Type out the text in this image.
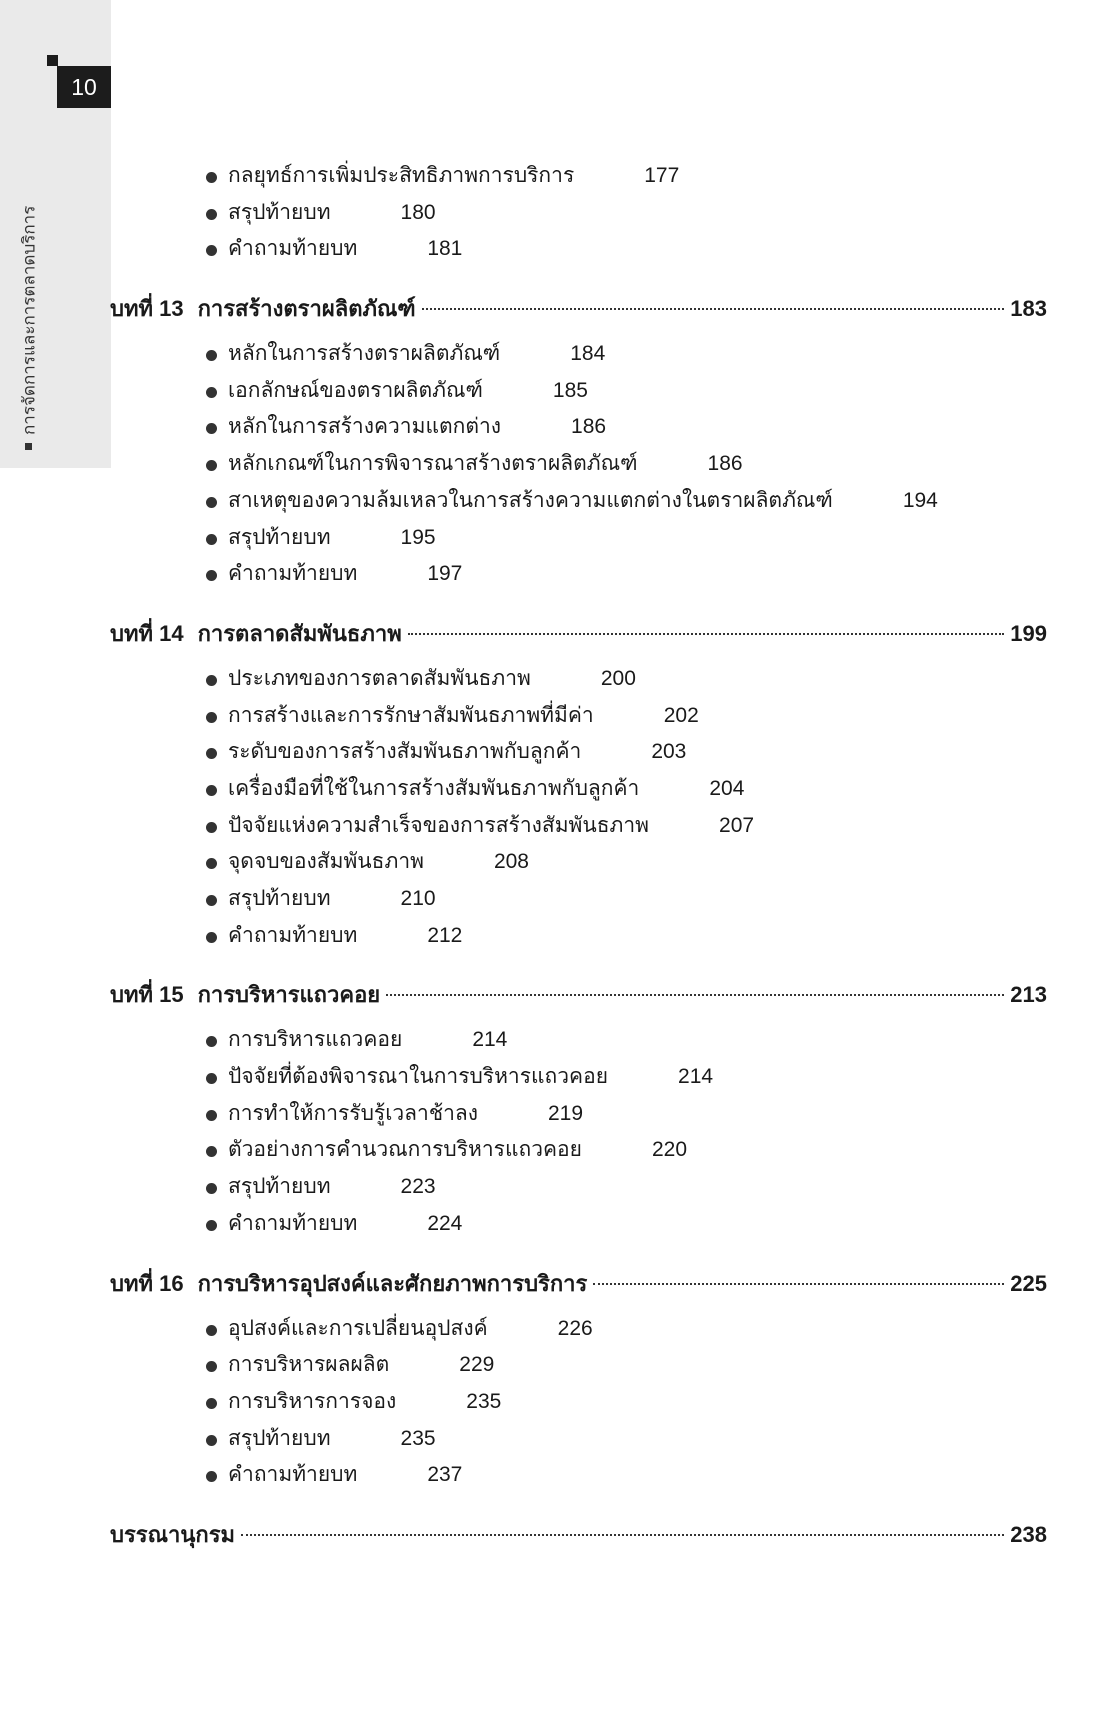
10
การจัดการและการตลาดบริการ
กลยุทธ์การเพิ่มประสิทธิภาพการบริการ	177
สรุปท้ายบท	180
คำถามท้ายบท	181
บทที่ 13 การสร้างตราผลิตภัณฑ์	183
หลักในการสร้างตราผลิตภัณฑ์	184
เอกลักษณ์ของตราผลิตภัณฑ์	185
หลักในการสร้างความแตกต่าง	186
หลักเกณฑ์ในการพิจารณาสร้างตราผลิตภัณฑ์	186
สาเหตุของความล้มเหลวในการสร้างความแตกต่างในตราผลิตภัณฑ์	194
สรุปท้ายบท	195
คำถามท้ายบท	197
บทที่ 14 การตลาดสัมพันธภาพ	199
ประเภทของการตลาดสัมพันธภาพ	200
การสร้างและการรักษาสัมพันธภาพที่มีค่า	202
ระดับของการสร้างสัมพันธภาพกับลูกค้า	203
เครื่องมือที่ใช้ในการสร้างสัมพันธภาพกับลูกค้า	204
ปัจจัยแห่งความสำเร็จของการสร้างสัมพันธภาพ	207
จุดจบของสัมพันธภาพ	208
สรุปท้ายบท	210
คำถามท้ายบท	212
บทที่ 15 การบริหารแถวคอย	213
การบริหารแถวคอย	214
ปัจจัยที่ต้องพิจารณาในการบริหารแถวคอย	214
การทำให้การรับรู้เวลาช้าลง	219
ตัวอย่างการคำนวณการบริหารแถวคอย	220
สรุปท้ายบท	223
คำถามท้ายบท	224
บทที่ 16 การบริหารอุปสงค์และศักยภาพการบริการ	225
อุปสงค์และการเปลี่ยนอุปสงค์	226
การบริหารผลผลิต	229
การบริหารการจอง	235
สรุปท้ายบท	235
คำถามท้ายบท	237
บรรณานุกรม	238
